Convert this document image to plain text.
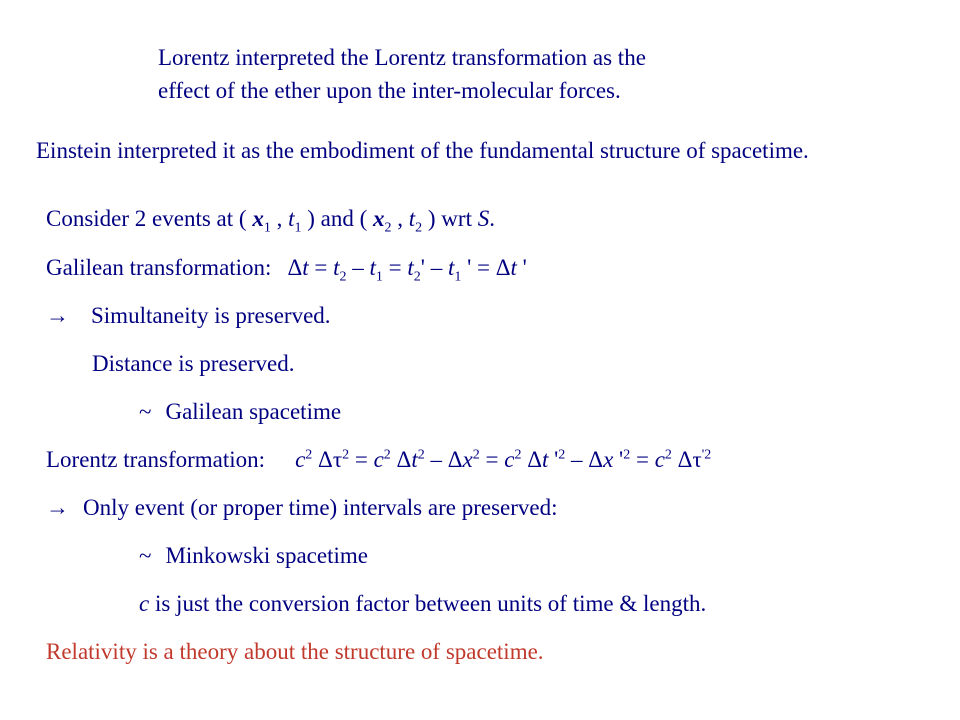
Lorentz interpreted the Lorentz transformation as the
effect of the ether upon the inter-molecular forces.
Einstein interpreted it as the embodiment of the fundamental structure of spacetime.
Consider 2 events at ( $x_1$ , $t_1$ ) and ( $x_2$ , $t_2$ ) wrt S.
Galilean transformation: $\Delta t = t_2 - t_1 = t_2' - t_1$ ' = Δt '
→ Simultaneity is preserved.
Distance is preserved.
~ Galilean spacetime
Lorentz transformation: $c^2$ $\Delta\tau^2 = c^2$ $\Delta t^2 - \Delta x^2 = c^2$ Δt '$^2$ – Δx '$^2 = c^2$ $\Delta\tau^{'2}$
→ Only event (or proper time) intervals are preserved:
~ Minkowski spacetime
c is just the conversion factor between units of time & length.
Relativity is a theory about the structure of spacetime.
